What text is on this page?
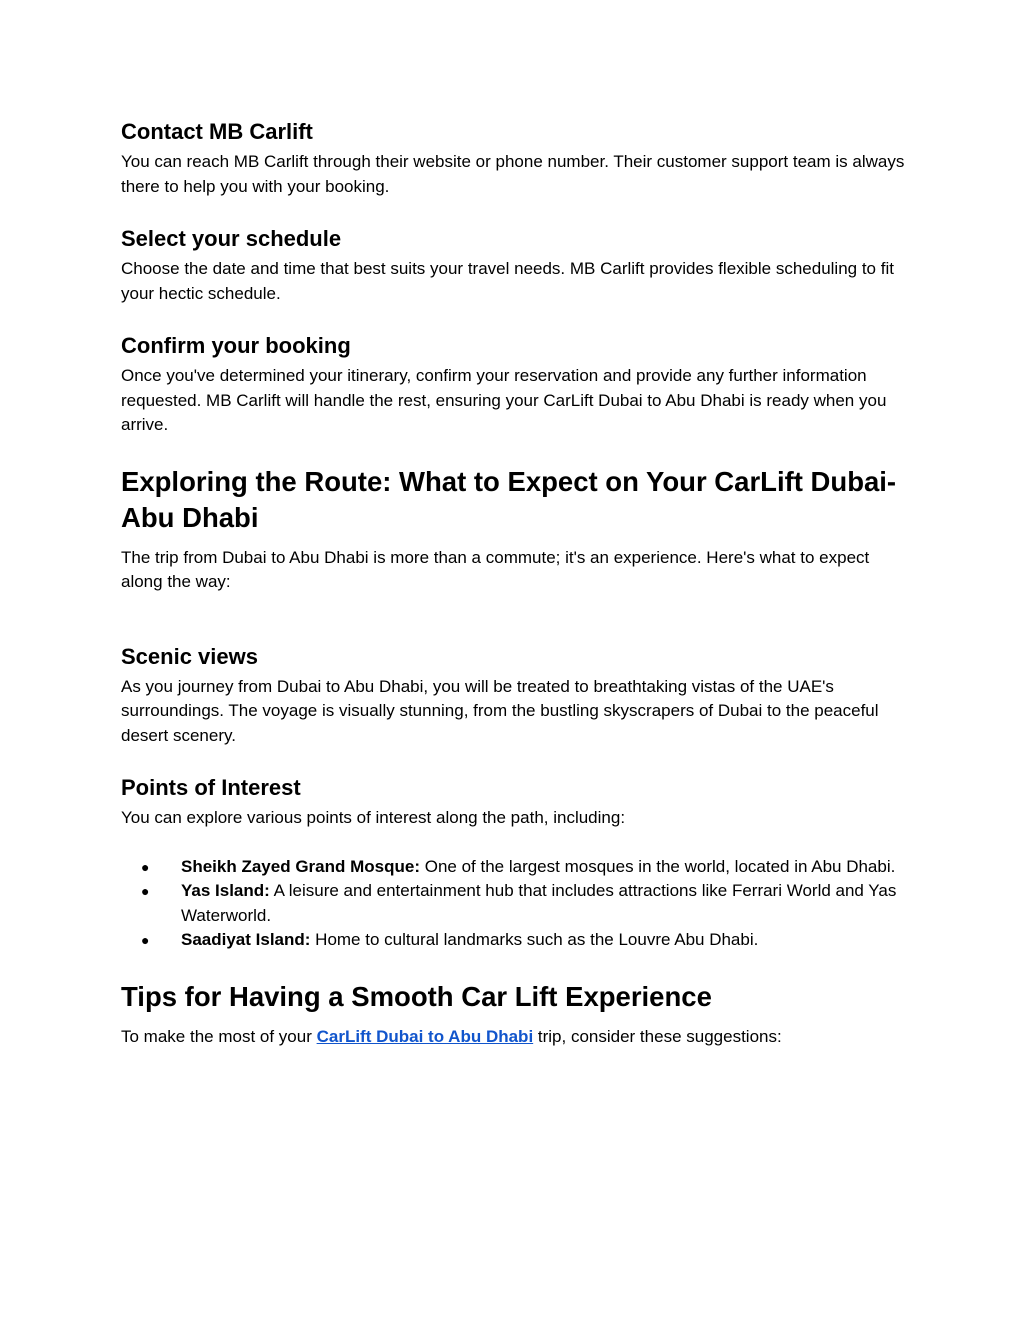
Contact MB Carlift

You can reach MB Carlift through their website or phone number. Their customer support team is always there to help you with your booking.

Select your schedule

Choose the date and time that best suits your travel needs. MB Carlift provides flexible scheduling to fit your hectic schedule.

Confirm your booking

Once you've determined your itinerary, confirm your reservation and provide any further information requested. MB Carlift will handle the rest, ensuring your CarLift Dubai to Abu Dhabi is ready when you arrive.

Exploring the Route: What to Expect on Your CarLift Dubai-Abu Dhabi

The trip from Dubai to Abu Dhabi is more than a commute; it's an experience. Here's what to expect along the way:

Scenic views

As you journey from Dubai to Abu Dhabi, you will be treated to breathtaking vistas of the UAE's surroundings. The voyage is visually stunning, from the bustling skyscrapers of Dubai to the peaceful desert scenery.

Points of Interest

You can explore various points of interest along the path, including:

● Sheikh Zayed Grand Mosque: One of the largest mosques in the world, located in Abu Dhabi.
● Yas Island: A leisure and entertainment hub that includes attractions like Ferrari World and Yas Waterworld.
● Saadiyat Island: Home to cultural landmarks such as the Louvre Abu Dhabi.
Tips for Having a Smooth Car Lift Experience

To make the most of your CarLift Dubai to Abu Dhabi trip, consider these suggestions:
